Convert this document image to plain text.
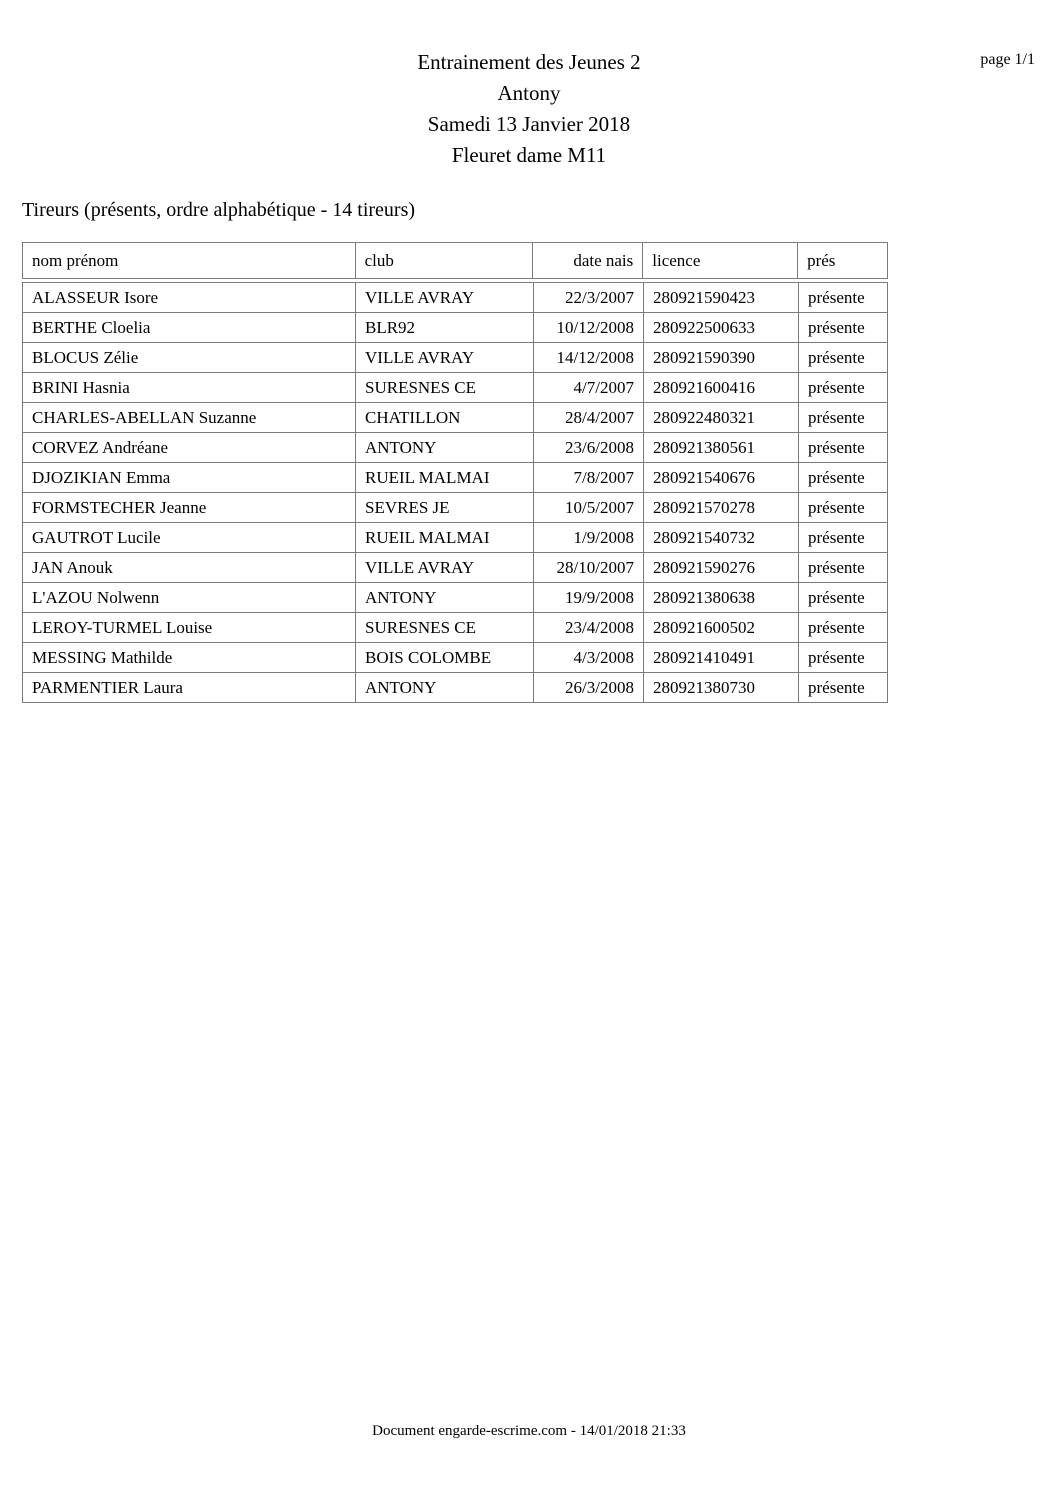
page 1/1
Entrainement des Jeunes 2
Antony
Samedi 13 Janvier 2018
Fleuret dame M11
Tireurs (présents, ordre alphabétique - 14 tireurs)
nom prénom	club	date nais	licence	prés
ALASSEUR Isore	VILLE AVRAY	22/3/2007	280921590423	présente
BERTHE Cloelia	BLR92	10/12/2008	280922500633	présente
BLOCUS Zélie	VILLE AVRAY	14/12/2008	280921590390	présente
BRINI Hasnia	SURESNES CE	4/7/2007	280921600416	présente
CHARLES-ABELLAN Suzanne	CHATILLON	28/4/2007	280922480321	présente
CORVEZ Andréane	ANTONY	23/6/2008	280921380561	présente
DJOZIKIAN Emma	RUEIL MALMAI	7/8/2007	280921540676	présente
FORMSTECHER Jeanne	SEVRES JE	10/5/2007	280921570278	présente
GAUTROT Lucile	RUEIL MALMAI	1/9/2008	280921540732	présente
JAN Anouk	VILLE AVRAY	28/10/2007	280921590276	présente
L'AZOU Nolwenn	ANTONY	19/9/2008	280921380638	présente
LEROY-TURMEL Louise	SURESNES CE	23/4/2008	280921600502	présente
MESSING Mathilde	BOIS COLOMBE	4/3/2008	280921410491	présente
PARMENTIER Laura	ANTONY	26/3/2008	280921380730	présente
Document engarde-escrime.com - 14/01/2018 21:33
